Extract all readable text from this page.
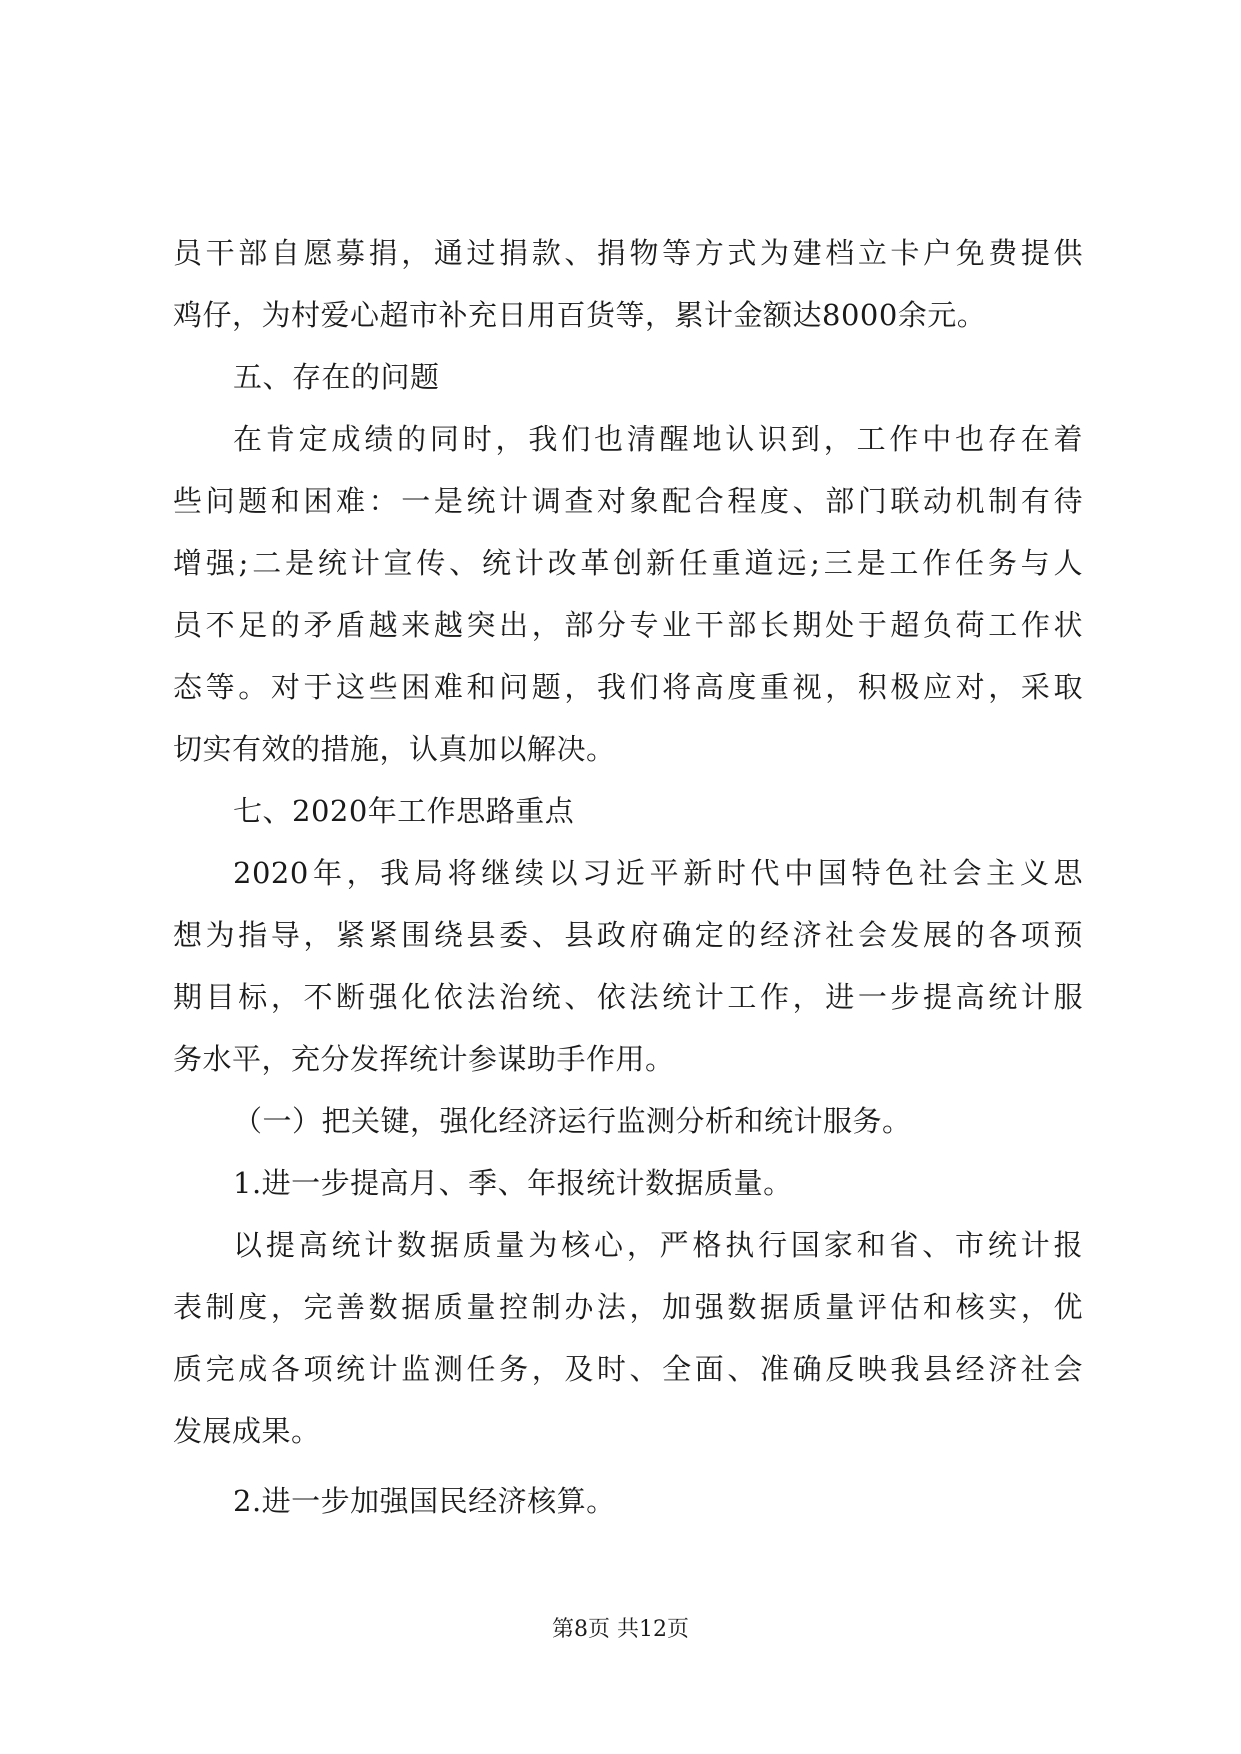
员干部自愿募捐，通过捐款、捐物等方式为建档立卡户免费提供
鸡仔，为村爱心超市补充日用百货等，累计金额达8000余元。
五、存在的问题
在肯定成绩的同时，我们也清醒地认识到，工作中也存在着
些问题和困难：一是统计调查对象配合程度、部门联动机制有待
增强;二是统计宣传、统计改革创新任重道远;三是工作任务与人
员不足的矛盾越来越突出，部分专业干部长期处于超负荷工作状
态等。对于这些困难和问题，我们将高度重视，积极应对，采取
切实有效的措施，认真加以解决。
七、2020年工作思路重点
2020年，我局将继续以习近平新时代中国特色社会主义思
想为指导，紧紧围绕县委、县政府确定的经济社会发展的各项预
期目标，不断强化依法治统、依法统计工作，进一步提高统计服
务水平，充分发挥统计参谋助手作用。
（一）把关键，强化经济运行监测分析和统计服务。
1.进一步提高月、季、年报统计数据质量。
以提高统计数据质量为核心，严格执行国家和省、市统计报
表制度，完善数据质量控制办法，加强数据质量评估和核实，优
质完成各项统计监测任务，及时、全面、准确反映我县经济社会
发展成果。
2.进一步加强国民经济核算。
第8页 共12页
